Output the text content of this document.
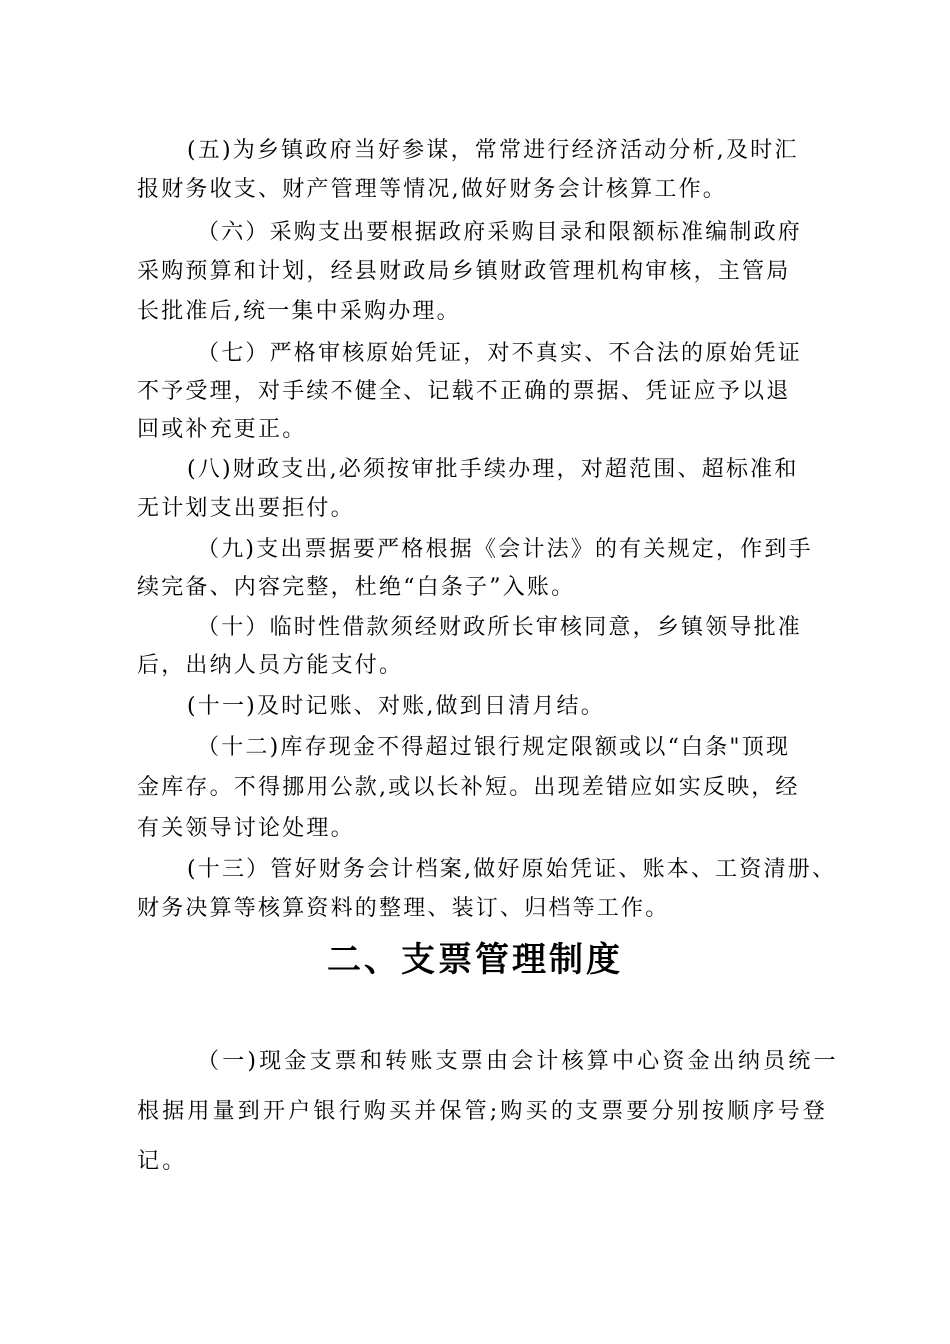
(五)为乡镇政府当好参谋，常常进行经济活动分析,及时汇

报财务收支、财产管理等情况,做好财务会计核算工作。

（六）采购支出要根据政府采购目录和限额标准编制政府

采购预算和计划，经县财政局乡镇财政管理机构审核，主管局

长批准后,统一集中采购办理。

（七）严格审核原始凭证，对不真实、不合法的原始凭证

不予受理，对手续不健全、记载不正确的票据、凭证应予以退

回或补充更正。

(八)财政支出,必须按审批手续办理，对超范围、超标准和

无计划支出要拒付。

（九)支出票据要严格根据《会计法》的有关规定，作到手

续完备、内容完整，杜绝“白条子”入账。

（十）临时性借款须经财政所长审核同意，乡镇领导批准

后，出纳人员方能支付。

(十一)及时记账、对账,做到日清月结。

（十二)库存现金不得超过银行规定限额或以“白条"顶现

金库存。不得挪用公款,或以长补短。出现差错应如实反映，经

有关领导讨论处理。

(十三）管好财务会计档案,做好原始凭证、账本、工资清册、

财务决算等核算资料的整理、装订、归档等工作。

二、支票管理制度

（一)现金支票和转账支票由会计核算中心资金出纳员统一

根据用量到开户银行购买并保管;购买的支票要分别按顺序号登

记。
